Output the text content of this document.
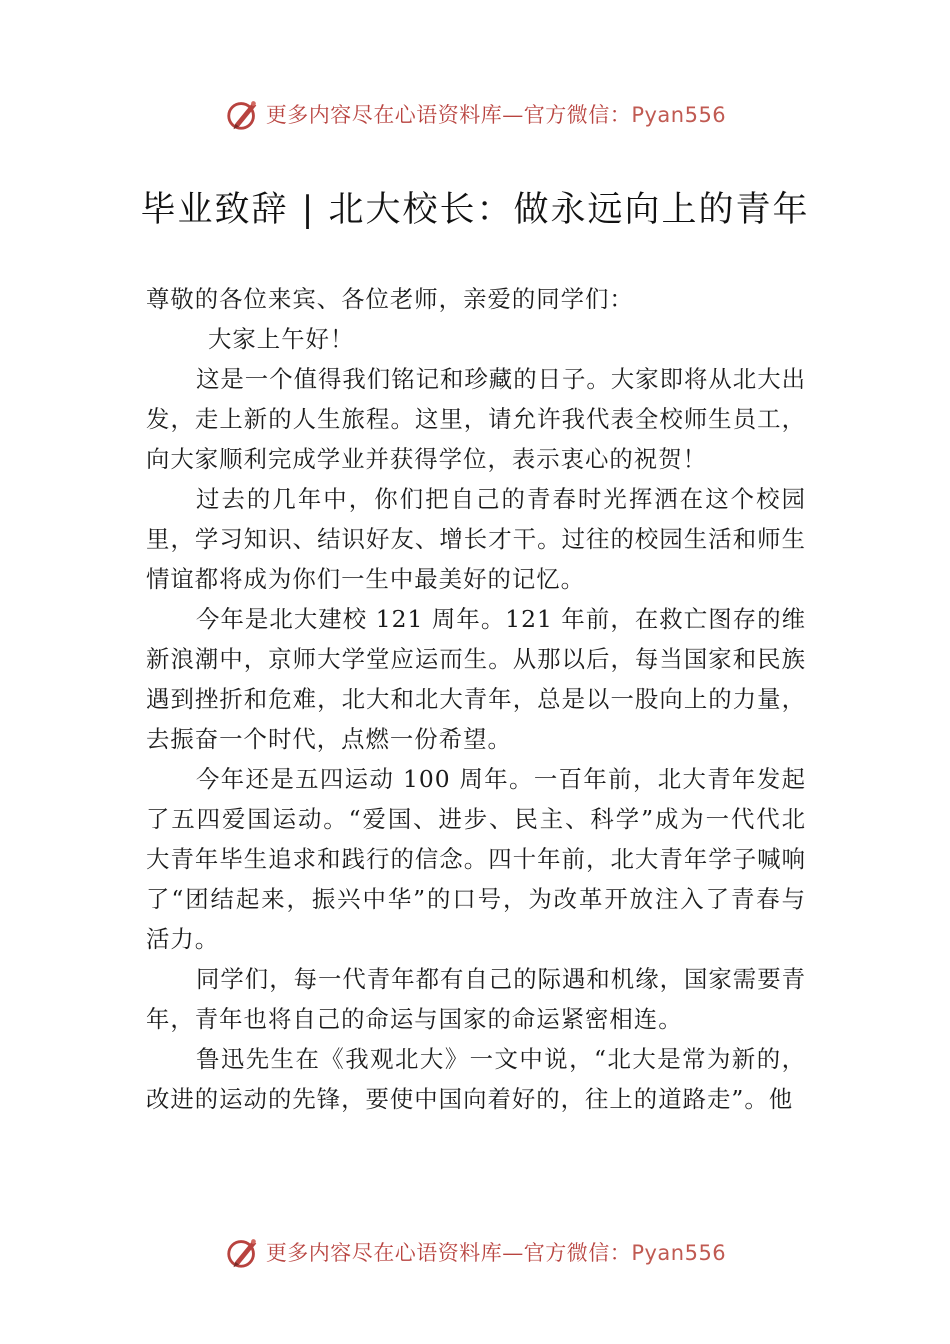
更多内容尽在心语资料库—官方微信：Pyan556
毕业致辞 | 北大校长：做永远向上的青年

尊敬的各位来宾、各位老师，亲爱的同学们：

大家上午好！

这是一个值得我们铭记和珍藏的日子。大家即将从北大出发，走上新的人生旅程。这里，请允许我代表全校师生员工，向大家顺利完成学业并获得学位，表示衷心的祝贺！

过去的几年中，你们把自己的青春时光挥洒在这个校园里，学习知识、结识好友、增长才干。过往的校园生活和师生情谊都将成为你们一生中最美好的记忆。

今年是北大建校 121 周年。121 年前，在救亡图存的维新浪潮中，京师大学堂应运而生。从那以后，每当国家和民族遇到挫折和危难，北大和北大青年，总是以一股向上的力量，去振奋一个时代，点燃一份希望。

今年还是五四运动 100 周年。一百年前，北大青年发起了五四爱国运动。“爱国、进步、民主、科学”成为一代代北大青年毕生追求和践行的信念。四十年前，北大青年学子喊响了“团结起来，振兴中华”的口号，为改革开放注入了青春与活力。

同学们，每一代青年都有自己的际遇和机缘，国家需要青年，青年也将自己的命运与国家的命运紧密相连。

鲁迅先生在《我观北大》一文中说，“北大是常为新的，改进的运动的先锋，要使中国向着好的，往上的道路走”。他

更多内容尽在心语资料库—官方微信：Pyan556
